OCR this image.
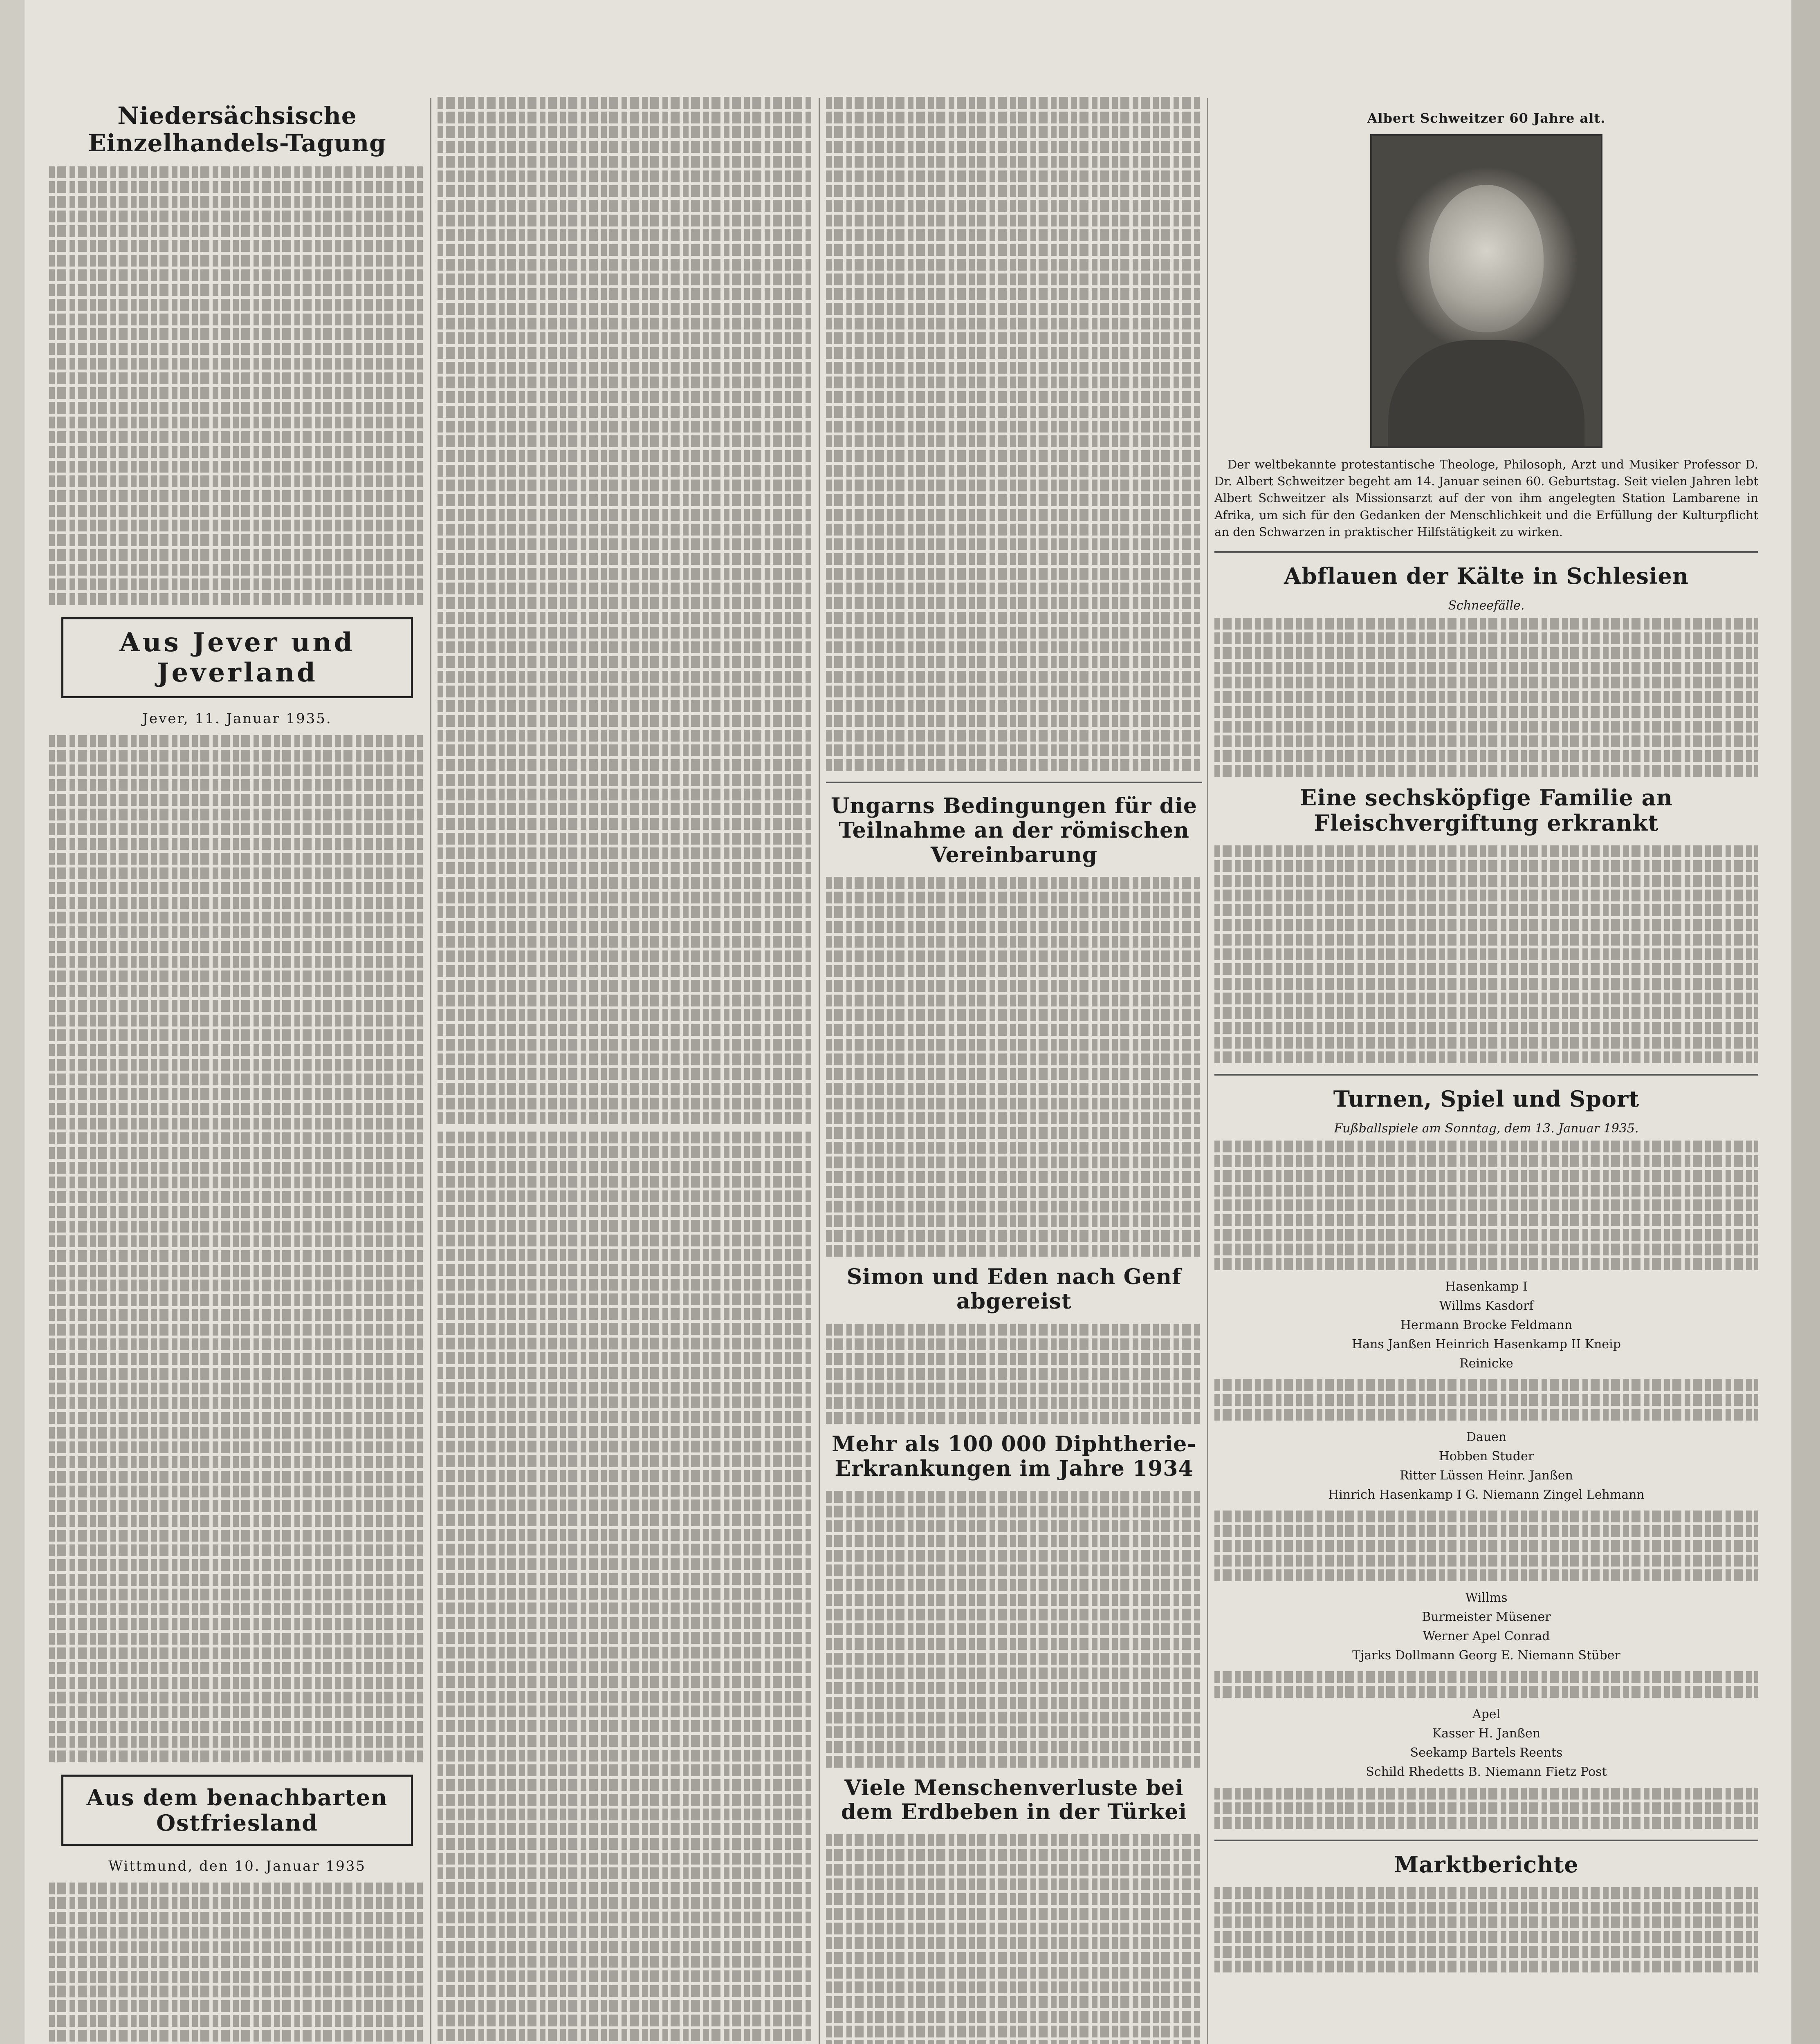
Niedersächsische Einzelhandels-Tagung
Aus Jever und Jeverland
Jever, 11. Januar 1935.
Aus dem benachbarten Ostfriesland
Wittmund, den 10. Januar 1935
Ungarns Bedingungen für die Teilnahme an der römischen Vereinbarung
Simon und Eden nach Genf abgereist
Mehr als 100 000 Diphtherie-Erkrankungen im Jahre 1934
Viele Menschenverluste bei dem Erdbeben in der Türkei
Albert Schweitzer 60 Jahre alt.

Der weltbekannte protestantische Theologe, Philosoph, Arzt und Musiker Professor D. Dr. Albert Schweitzer begeht am 14. Januar seinen 60. Geburtstag. Seit vielen Jahren lebt Albert Schweitzer als Missionsarzt auf der von ihm angelegten Station Lambarene in Afrika, um sich für den Gedanken der Menschlichkeit und die Erfüllung der Kulturpflicht an den Schwarzen in praktischer Hilfstätigkeit zu wirken.

Abflauen der Kälte in Schlesien
Schneefälle.
Eine sechsköpfige Familie an Fleischvergiftung erkrankt
Turnen, Spiel und Sport
Fußballspiele am Sonntag, dem 13. Januar 1935.
Hasenkamp I
Willms Kasdorf
Hermann Brocke Feldmann
Hans Janßen Heinrich Hasenkamp II Kneip
Reinicke
Dauen
Hobben Studer
Ritter Lüssen Heinr. Janßen
Hinrich Hasenkamp I G. Niemann Zingel Lehmann
Willms
Burmeister Müsener
Werner Apel Conrad
Tjarks Dollmann Georg E. Niemann Stüber
Apel
Kasser H. Janßen
Seekamp Bartels Reents
Schild Rhedetts B. Niemann Fietz Post
Marktberichte
